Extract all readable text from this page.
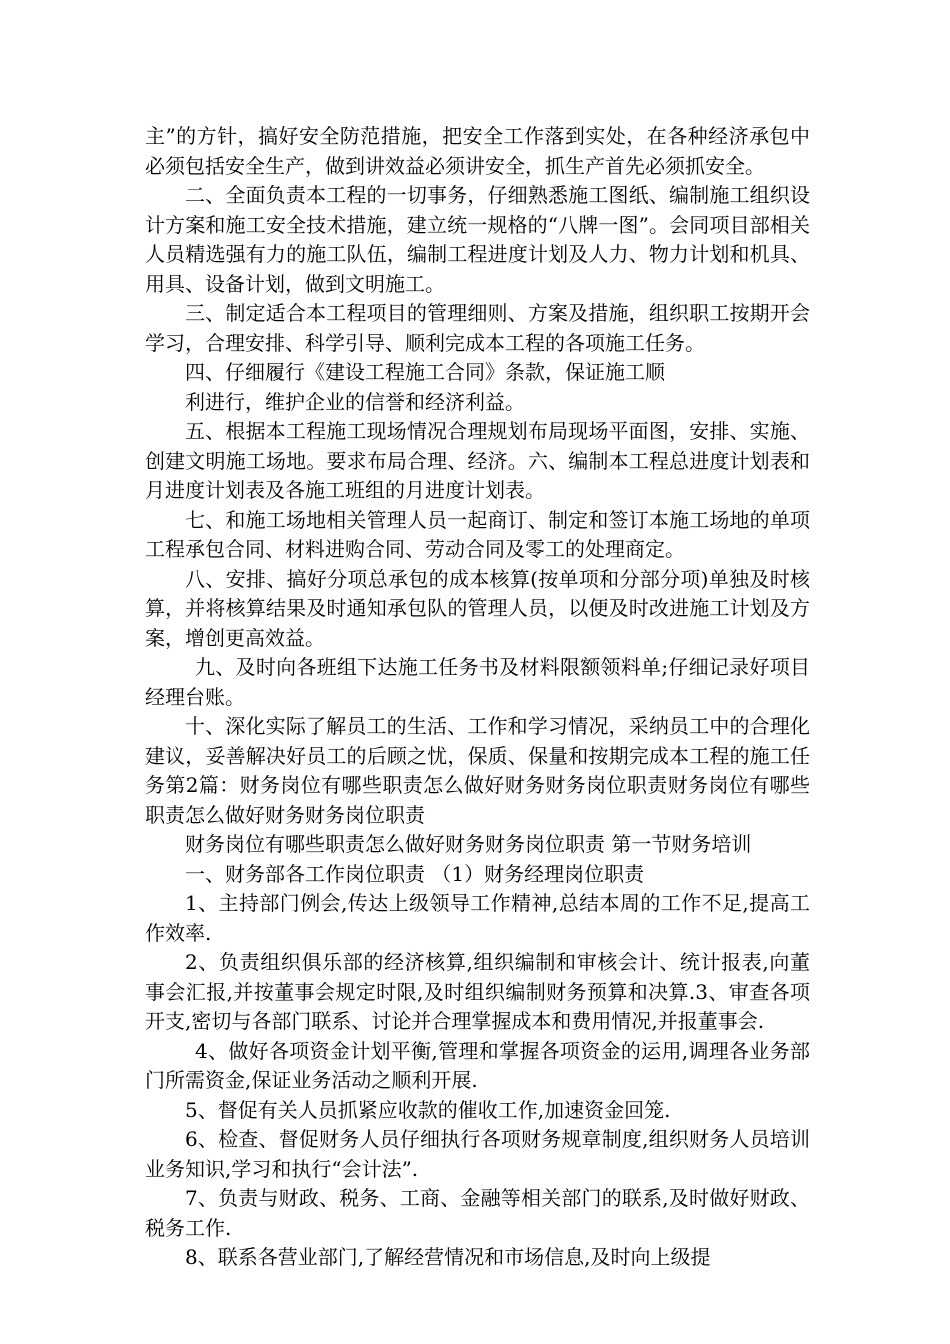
主”的方针，搞好安全防范措施，把安全工作落到实处，在各种经济承包中必须包括安全生产，做到讲效益必须讲安全，抓生产首先必须抓安全。

二、全面负责本工程的一切事务，仔细熟悉施工图纸、编制施工组织设计方案和施工安全技术措施，建立统一规格的“八牌一图”。会同项目部相关人员精选强有力的施工队伍，编制工程进度计划及人力、物力计划和机具、用具、设备计划，做到文明施工。

三、制定适合本工程项目的管理细则、方案及措施，组织职工按期开会学习，合理安排、科学引导、顺利完成本工程的各项施工任务。

四、仔细履行《建设工程施工合同》条款，保证施工顺

利进行，维护企业的信誉和经济利益。

五、根据本工程施工现场情况合理规划布局现场平面图，安排、实施、创建文明施工场地。要求布局合理、经济。六、编制本工程总进度计划表和月进度计划表及各施工班组的月进度计划表。

七、和施工场地相关管理人员一起商订、制定和签订本施工场地的单项工程承包合同、材料进购合同、劳动合同及零工的处理商定。

八、安排、搞好分项总承包的成本核算(按单项和分部分项)单独及时核算，并将核算结果及时通知承包队的管理人员，以便及时改进施工计划及方案，增创更高效益。

九、及时向各班组下达施工任务书及材料限额领料单;仔细记录好项目经理台账。

十、深化实际了解员工的生活、工作和学习情况，采纳员工中的合理化建议，妥善解决好员工的后顾之忧，保质、保量和按期完成本工程的施工任务第2篇：财务岗位有哪些职责怎么做好财务财务岗位职责财务岗位有哪些职责怎么做好财务财务岗位职责

财务岗位有哪些职责怎么做好财务财务岗位职责 第一节财务培训

一、财务部各工作岗位职责 （1）财务经理岗位职责

1、主持部门例会,传达上级领导工作精神,总结本周的工作不足,提高工作效率.

2、负责组织俱乐部的经济核算,组织编制和审核会计、统计报表,向董事会汇报,并按董事会规定时限,及时组织编制财务预算和决算.3、审查各项开支,密切与各部门联系、讨论并合理掌握成本和费用情况,并报董事会.

4、做好各项资金计划平衡,管理和掌握各项资金的运用,调理各业务部门所需资金,保证业务活动之顺利开展.

5、督促有关人员抓紧应收款的催收工作,加速资金回笼.

6、检查、督促财务人员仔细执行各项财务规章制度,组织财务人员培训业务知识,学习和执行“会计法”.

7、负责与财政、税务、工商、金融等相关部门的联系,及时做好财政、税务工作.

8、联系各营业部门,了解经营情况和市场信息,及时向上级提
